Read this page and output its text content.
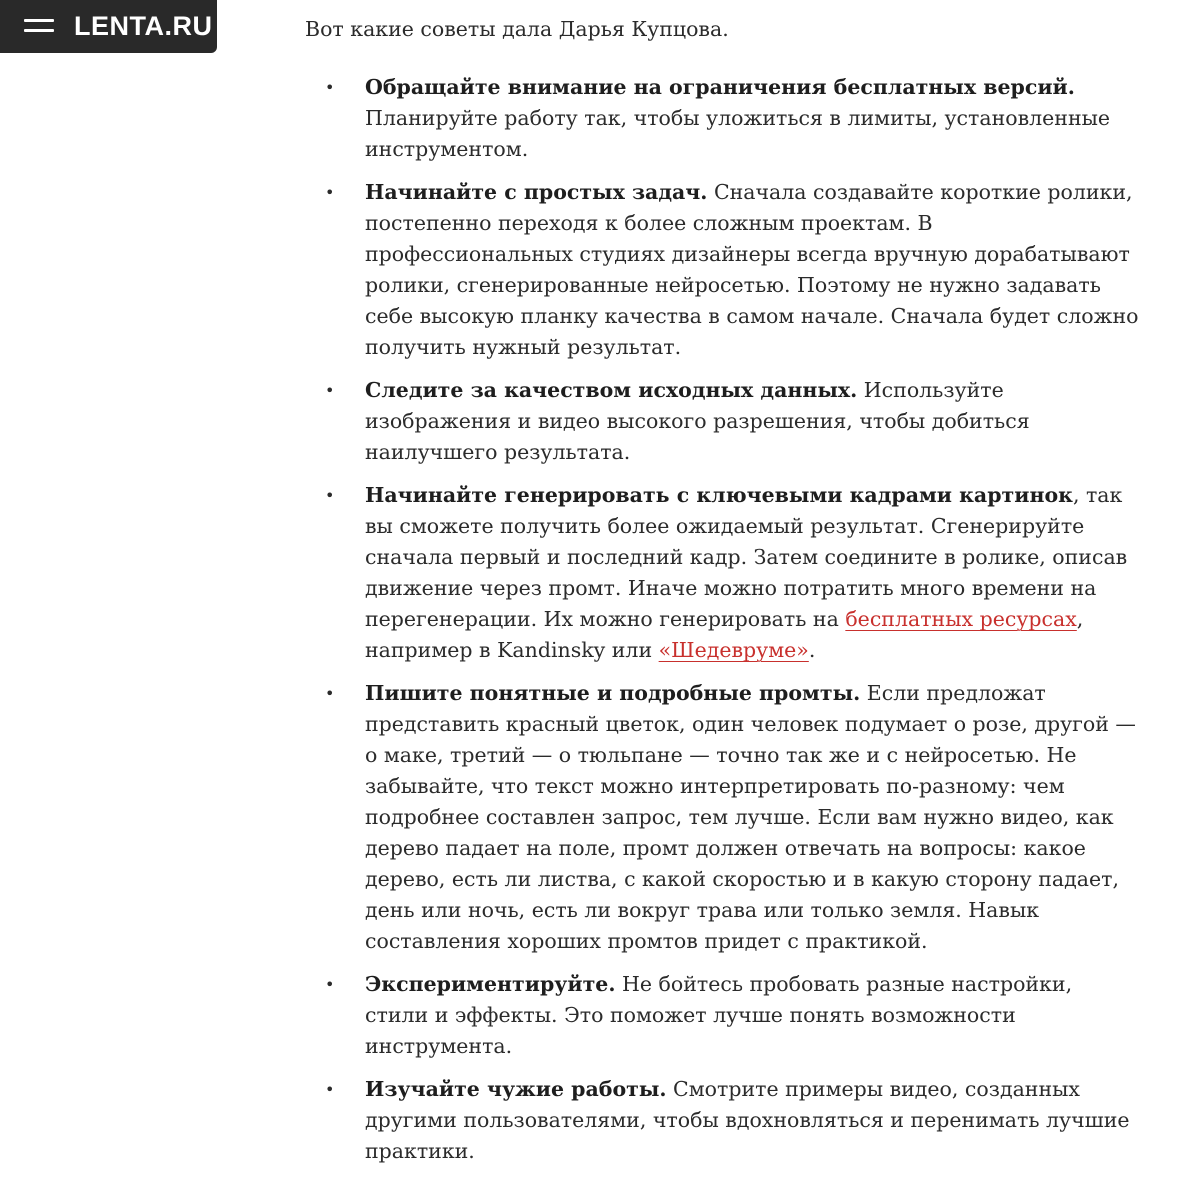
LENTA.RU	Вот какие советы дала Дарья Купцова.

• Обращайте внимание на ограничения бесплатных версий. Планируйте работу так, чтобы уложиться в лимиты, установленные инструментом.
• Начинайте с простых задач. Сначала создавайте короткие ролики, постепенно переходя к более сложным проектам. В профессиональных студиях дизайнеры всегда вручную дорабатывают ролики, сгенерированные нейросетью. Поэтому не нужно задавать себе высокую планку качества в самом начале. Сначала будет сложно получить нужный результат.
• Следите за качеством исходных данных. Используйте изображения и видео высокого разрешения, чтобы добиться наилучшего результата.
• Начинайте генерировать с ключевыми кадрами картинок, так вы сможете получить более ожидаемый результат. Сгенерируйте сначала первый и последний кадр. Затем соедините в ролике, описав движение через промт. Иначе можно потратить много времени на перегенерации. Их можно генерировать на бесплатных ресурсах, например в Kandinsky или «Шедевруме».
• Пишите понятные и подробные промты. Если предложат представить красный цветок, один человек подумает о розе, другой — о маке, третий — о тюльпане — точно так же и с нейросетью. Не забывайте, что текст можно интерпретировать по-разному: чем подробнее составлен запрос, тем лучше. Если вам нужно видео, как дерево падает на поле, промт должен отвечать на вопросы: какое дерево, есть ли листва, с какой скоростью и в какую сторону падает, день или ночь, есть ли вокруг трава или только земля. Навык составления хороших промтов придет с практикой.
• Экспериментируйте. Не бойтесь пробовать разные настройки, стили и эффекты. Это поможет лучше понять возможности инструмента.
• Изучайте чужие работы. Смотрите примеры видео, созданных другими пользователями, чтобы вдохновляться и перенимать лучшие практики.
